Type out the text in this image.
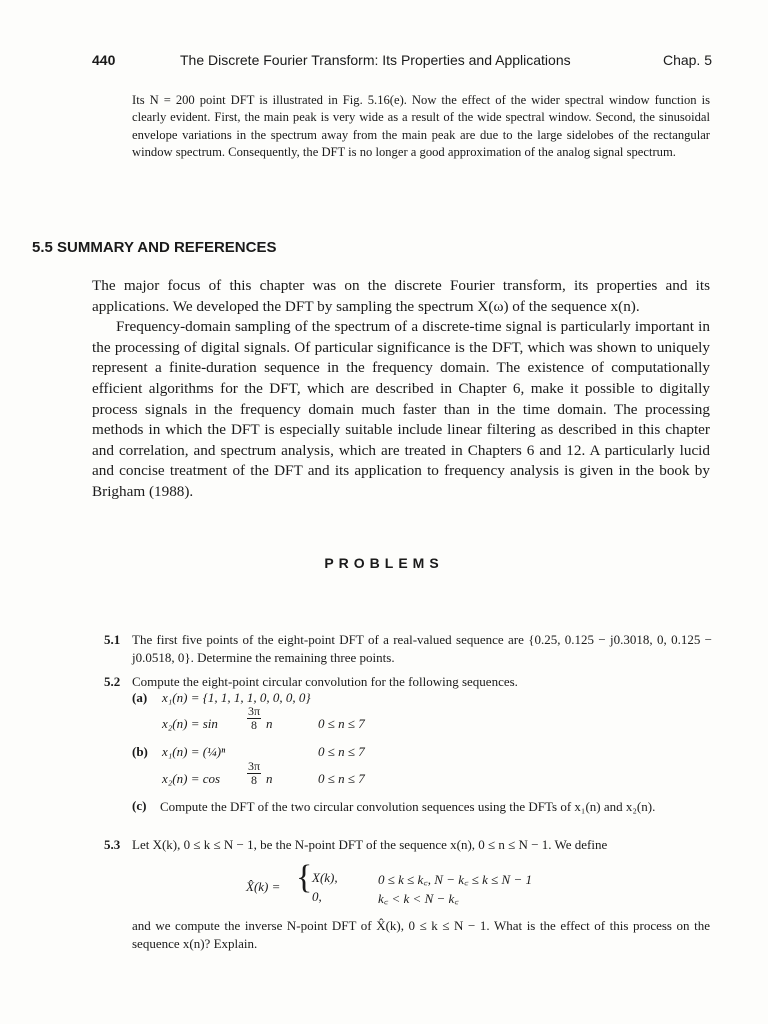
440	The Discrete Fourier Transform: Its Properties and Applications	Chap. 5
Its N = 200 point DFT is illustrated in Fig. 5.16(e). Now the effect of the wider spectral window function is clearly evident. First, the main peak is very wide as a result of the wide spectral window. Second, the sinusoidal envelope variations in the spectrum away from the main peak are due to the large sidelobes of the rectangular window spectrum. Consequently, the DFT is no longer a good approximation of the analog signal spectrum.
5.5 SUMMARY AND REFERENCES

The major focus of this chapter was on the discrete Fourier transform, its properties and its applications. We developed the DFT by sampling the spectrum X(ω) of the sequence x(n).

Frequency-domain sampling of the spectrum of a discrete-time signal is particularly important in the processing of digital signals. Of particular significance is the DFT, which was shown to uniquely represent a finite-duration sequence in the frequency domain. The existence of computationally efficient algorithms for the DFT, which are described in Chapter 6, make it possible to digitally process signals in the frequency domain much faster than in the time domain. The processing methods in which the DFT is especially suitable include linear filtering as described in this chapter and correlation, and spectrum analysis, which are treated in Chapters 6 and 12. A particularly lucid and concise treatment of the DFT and its application to frequency analysis is given in the book by Brigham (1988).

PROBLEMS
5.1 The first five points of the eight-point DFT of a real-valued sequence are {0.25, 0.125 − j0.3018, 0, 0.125 − j0.0518, 0}. Determine the remaining three points.
5.2 Compute the eight-point circular convolution for the following sequences.
(a) x₁(n) = {1, 1, 1, 1, 0, 0, 0, 0}
$x_2(n) = \sin \frac{3\pi}{8}$ n	0 ≤ n ≤ 7
(b) x₁(n) = (¼)ⁿ	0 ≤ n ≤ 7
$x_2(n) = \cos \frac{3\pi}{8}$ n	0 ≤ n ≤ 7
(c) Compute the DFT of the two circular convolution sequences using the DFTs of x₁(n) and x₂(n).
5.3 Let X(k), 0 ≤ k ≤ N − 1, be the N-point DFT of the sequence x(n), 0 ≤ n ≤ N − 1. We define
X̂(k) = { X(k),	0 ≤ k ≤ k꜀, N − k꜀ ≤ k ≤ N − 1
0,	k꜀ < k < N − k꜀
and we compute the inverse N-point DFT of X̂(k), 0 ≤ k ≤ N − 1. What is the effect of this process on the sequence x(n)? Explain.
